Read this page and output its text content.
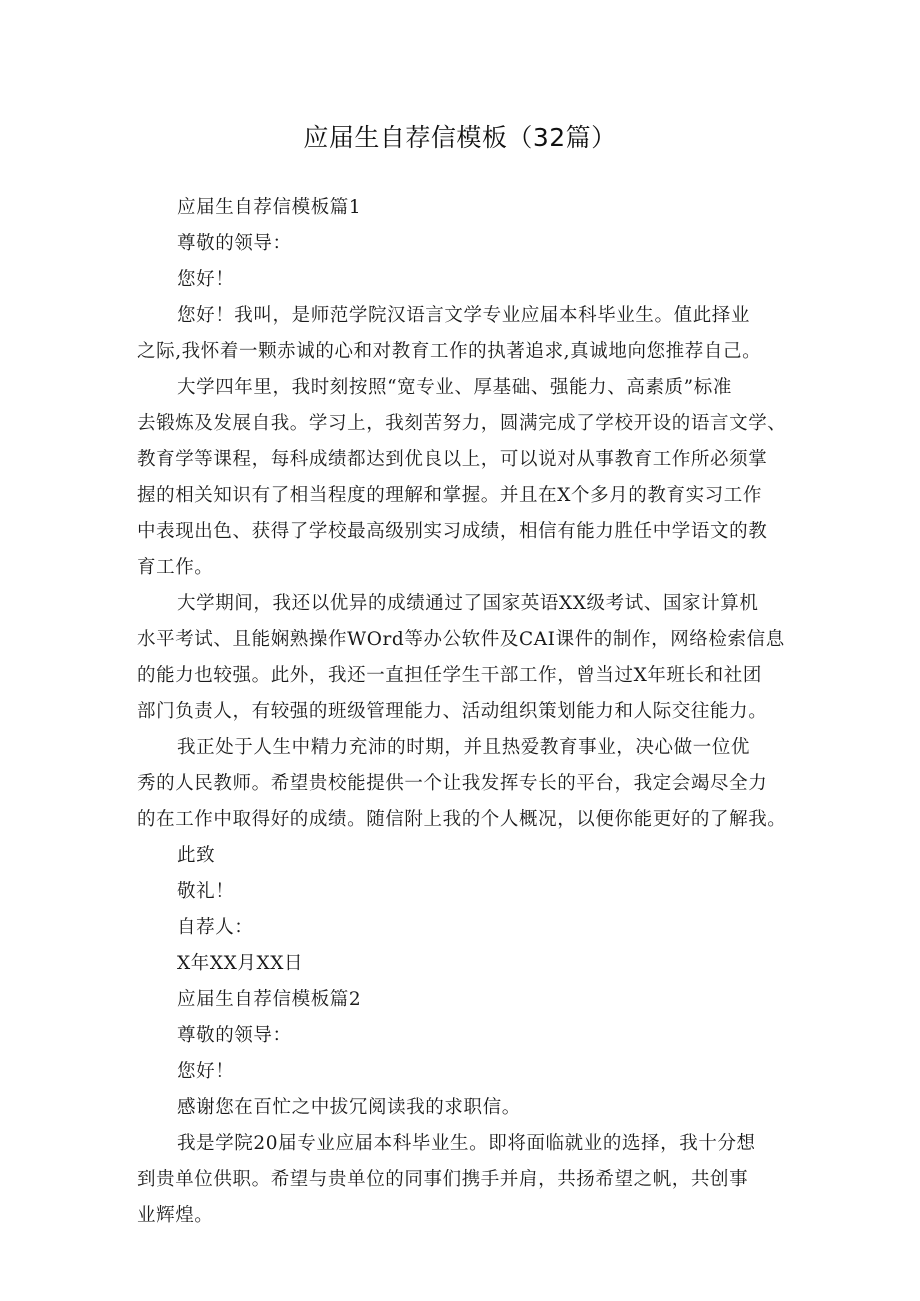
应届生自荐信模板（32篇）

应届生自荐信模板篇1

尊敬的领导：

您好！

您好！我叫，是师范学院汉语言文学专业应届本科毕业生。值此择业

之际,我怀着一颗赤诚的心和对教育工作的执著追求,真诚地向您推荐自己。

大学四年里，我时刻按照“宽专业、厚基础、强能力、高素质”标准

去锻炼及发展自我。学习上，我刻苦努力，圆满完成了学校开设的语言文学、

教育学等课程，每科成绩都达到优良以上，可以说对从事教育工作所必须掌

握的相关知识有了相当程度的理解和掌握。并且在X个多月的教育实习工作

中表现出色、获得了学校最高级别实习成绩，相信有能力胜任中学语文的教

育工作。

大学期间，我还以优异的成绩通过了国家英语XX级考试、国家计算机

水平考试、且能娴熟操作WOrd等办公软件及CAI课件的制作，网络检索信息

的能力也较强。此外，我还一直担任学生干部工作，曾当过X年班长和社团

部门负责人，有较强的班级管理能力、活动组织策划能力和人际交往能力。

我正处于人生中精力充沛的时期，并且热爱教育事业，决心做一位优

秀的人民教师。希望贵校能提供一个让我发挥专长的平台，我定会竭尽全力

的在工作中取得好的成绩。随信附上我的个人概况，以便你能更好的了解我。

此致

敬礼！

自荐人：

X年XX月XX日

应届生自荐信模板篇2

尊敬的领导：

您好！

感谢您在百忙之中拔冗阅读我的求职信。

我是学院20届专业应届本科毕业生。即将面临就业的选择，我十分想

到贵单位供职。希望与贵单位的同事们携手并肩，共扬希望之帆，共创事

业辉煌。
